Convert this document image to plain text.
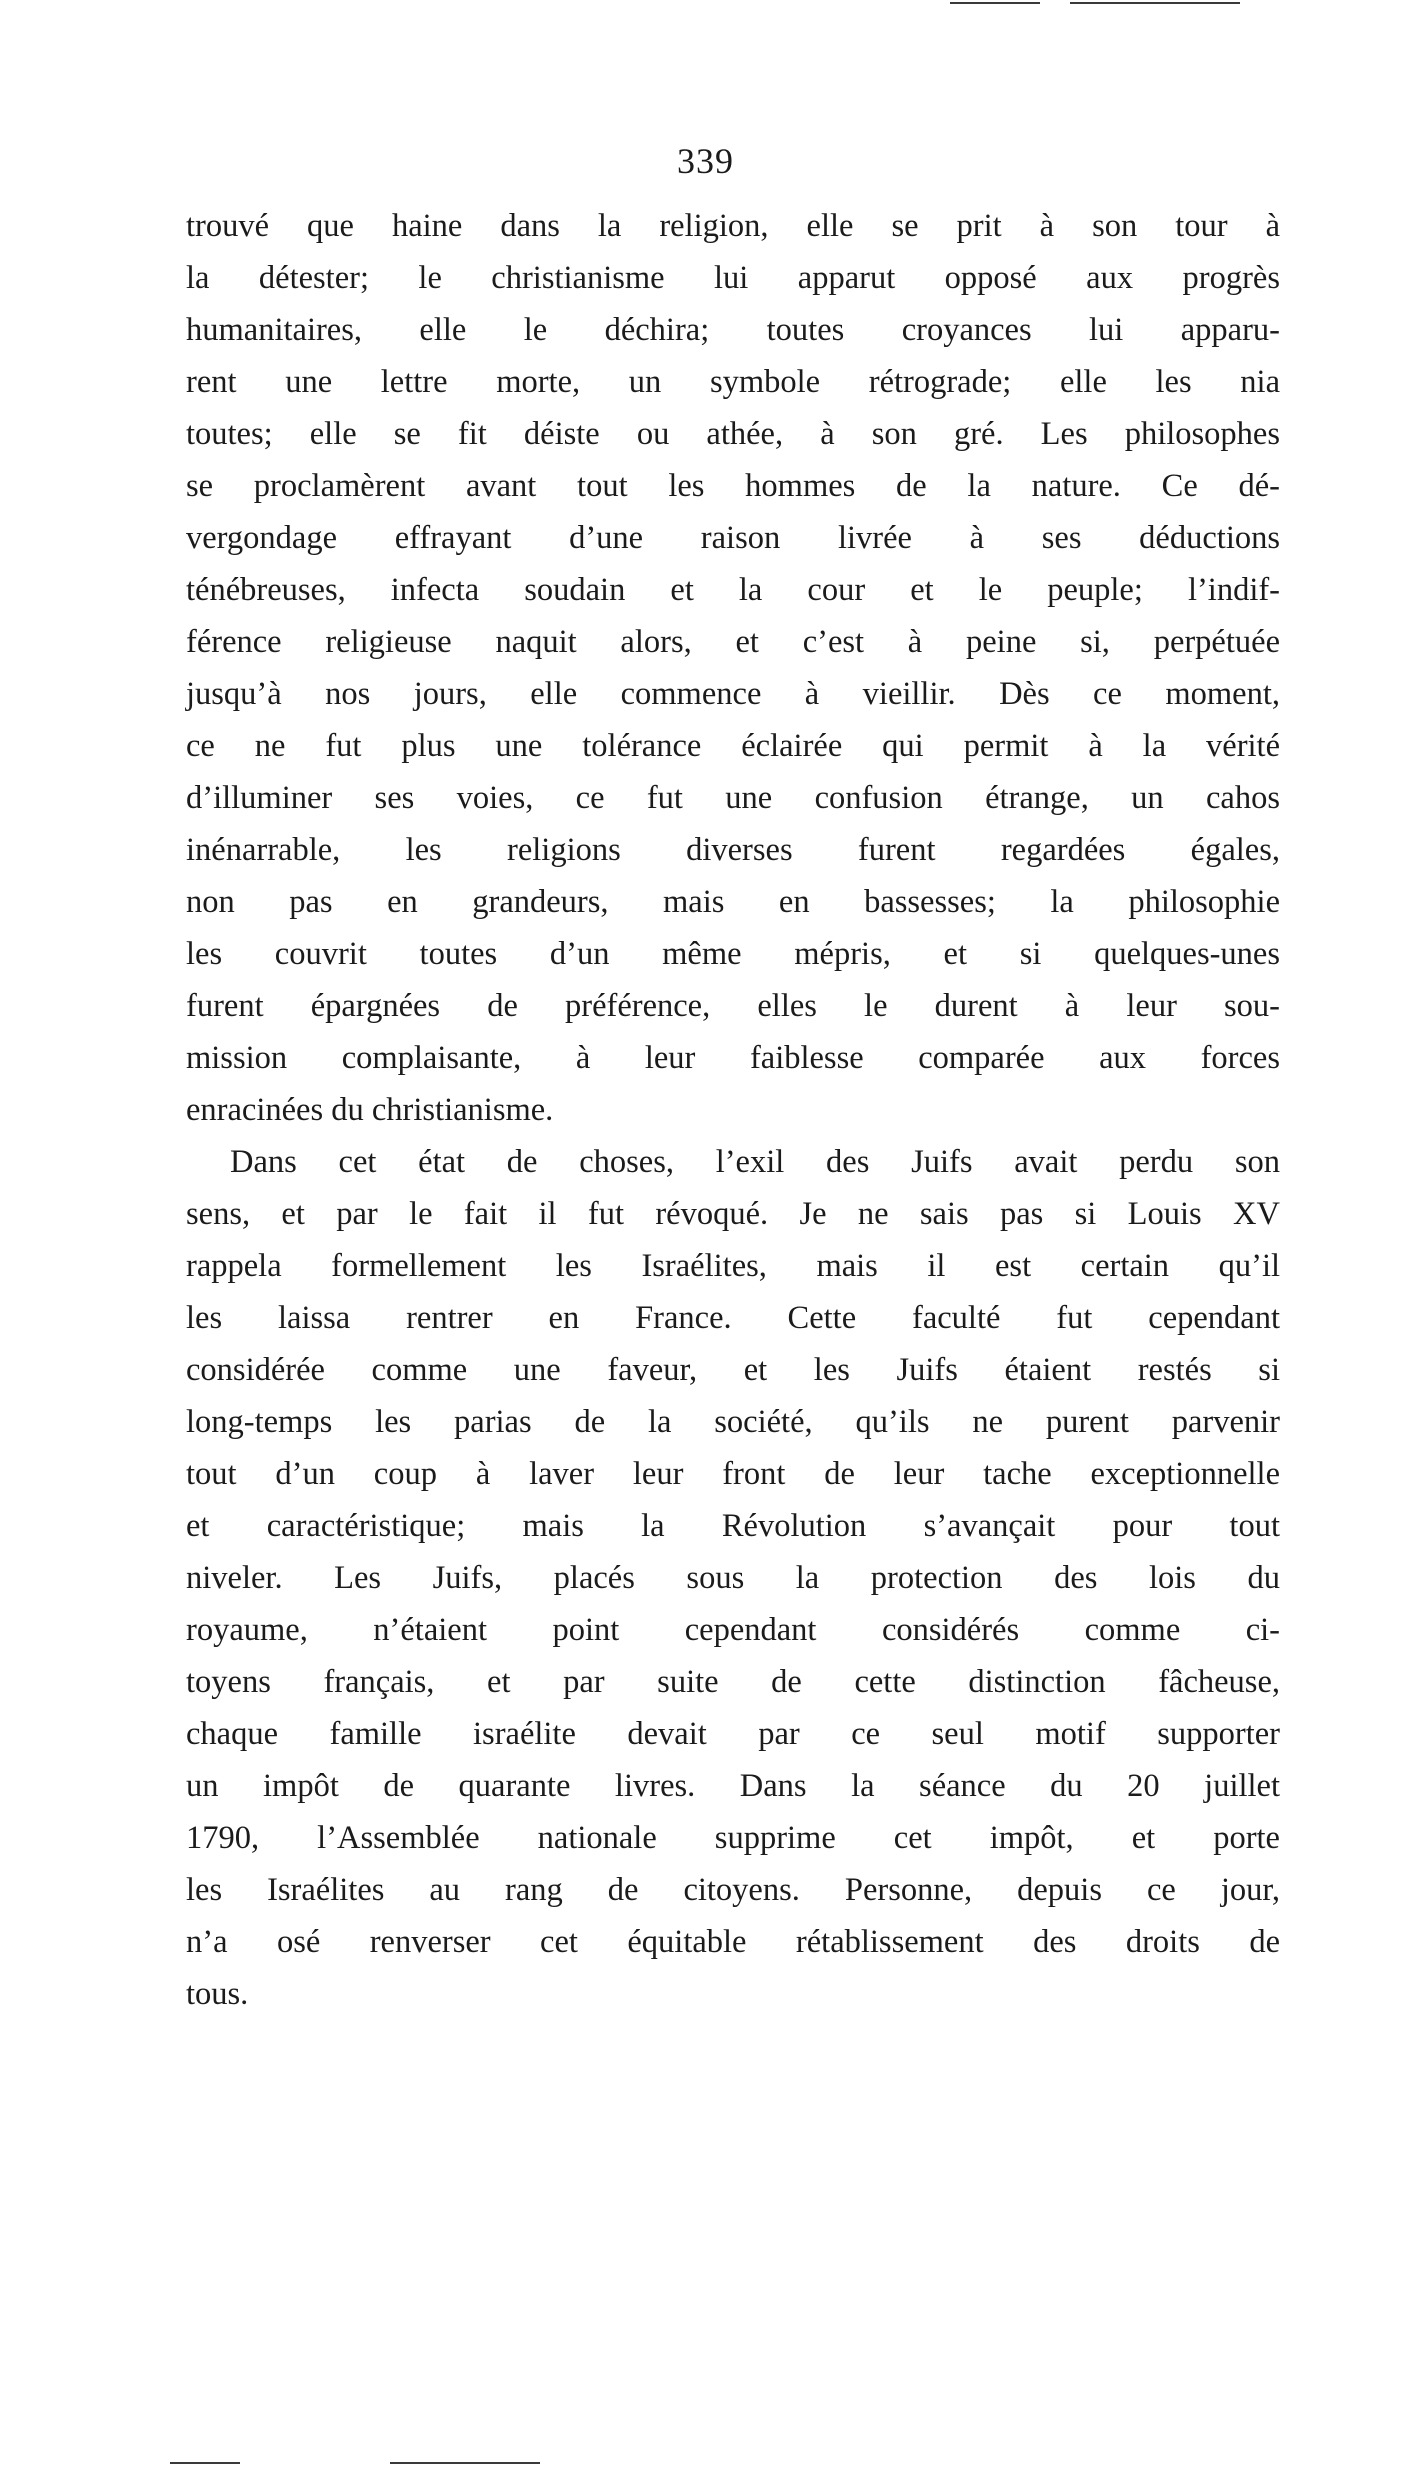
339
trouvé que haine dans la religion, elle se prit à son tour à
la détester; le christianisme lui apparut opposé aux progrès
humanitaires, elle le déchira; toutes croyances lui apparu-
rent une lettre morte, un symbole rétrograde; elle les nia
toutes; elle se fit déiste ou athée, à son gré. Les philosophes
se proclamèrent avant tout les hommes de la nature. Ce dé-
vergondage effrayant d’une raison livrée à ses déductions
ténébreuses, infecta soudain et la cour et le peuple; l’indif-
férence religieuse naquit alors, et c’est à peine si, perpétuée
jusqu’à nos jours, elle commence à vieillir. Dès ce moment,
ce ne fut plus une tolérance éclairée qui permit à la vérité
d’illuminer ses voies, ce fut une confusion étrange, un cahos
inénarrable, les religions diverses furent regardées égales,
non pas en grandeurs, mais en bassesses; la philosophie
les couvrit toutes d’un même mépris, et si quelques-unes
furent épargnées de préférence, elles le durent à leur sou-
mission complaisante, à leur faiblesse comparée aux forces
enracinées du christianisme.
Dans cet état de choses, l’exil des Juifs avait perdu son
sens, et par le fait il fut révoqué. Je ne sais pas si Louis XV
rappela formellement les Israélites, mais il est certain qu’il
les laissa rentrer en France. Cette faculté fut cependant
considérée comme une faveur, et les Juifs étaient restés si
long-temps les parias de la société, qu’ils ne purent parvenir
tout d’un coup à laver leur front de leur tache exceptionnelle
et caractéristique; mais la Révolution s’avançait pour tout
niveler. Les Juifs, placés sous la protection des lois du
royaume, n’étaient point cependant considérés comme ci-
toyens français, et par suite de cette distinction fâcheuse,
chaque famille israélite devait par ce seul motif supporter
un impôt de quarante livres. Dans la séance du 20 juillet
1790, l’Assemblée nationale supprime cet impôt, et porte
les Israélites au rang de citoyens. Personne, depuis ce jour,
n’a osé renverser cet équitable rétablissement des droits de
tous.
